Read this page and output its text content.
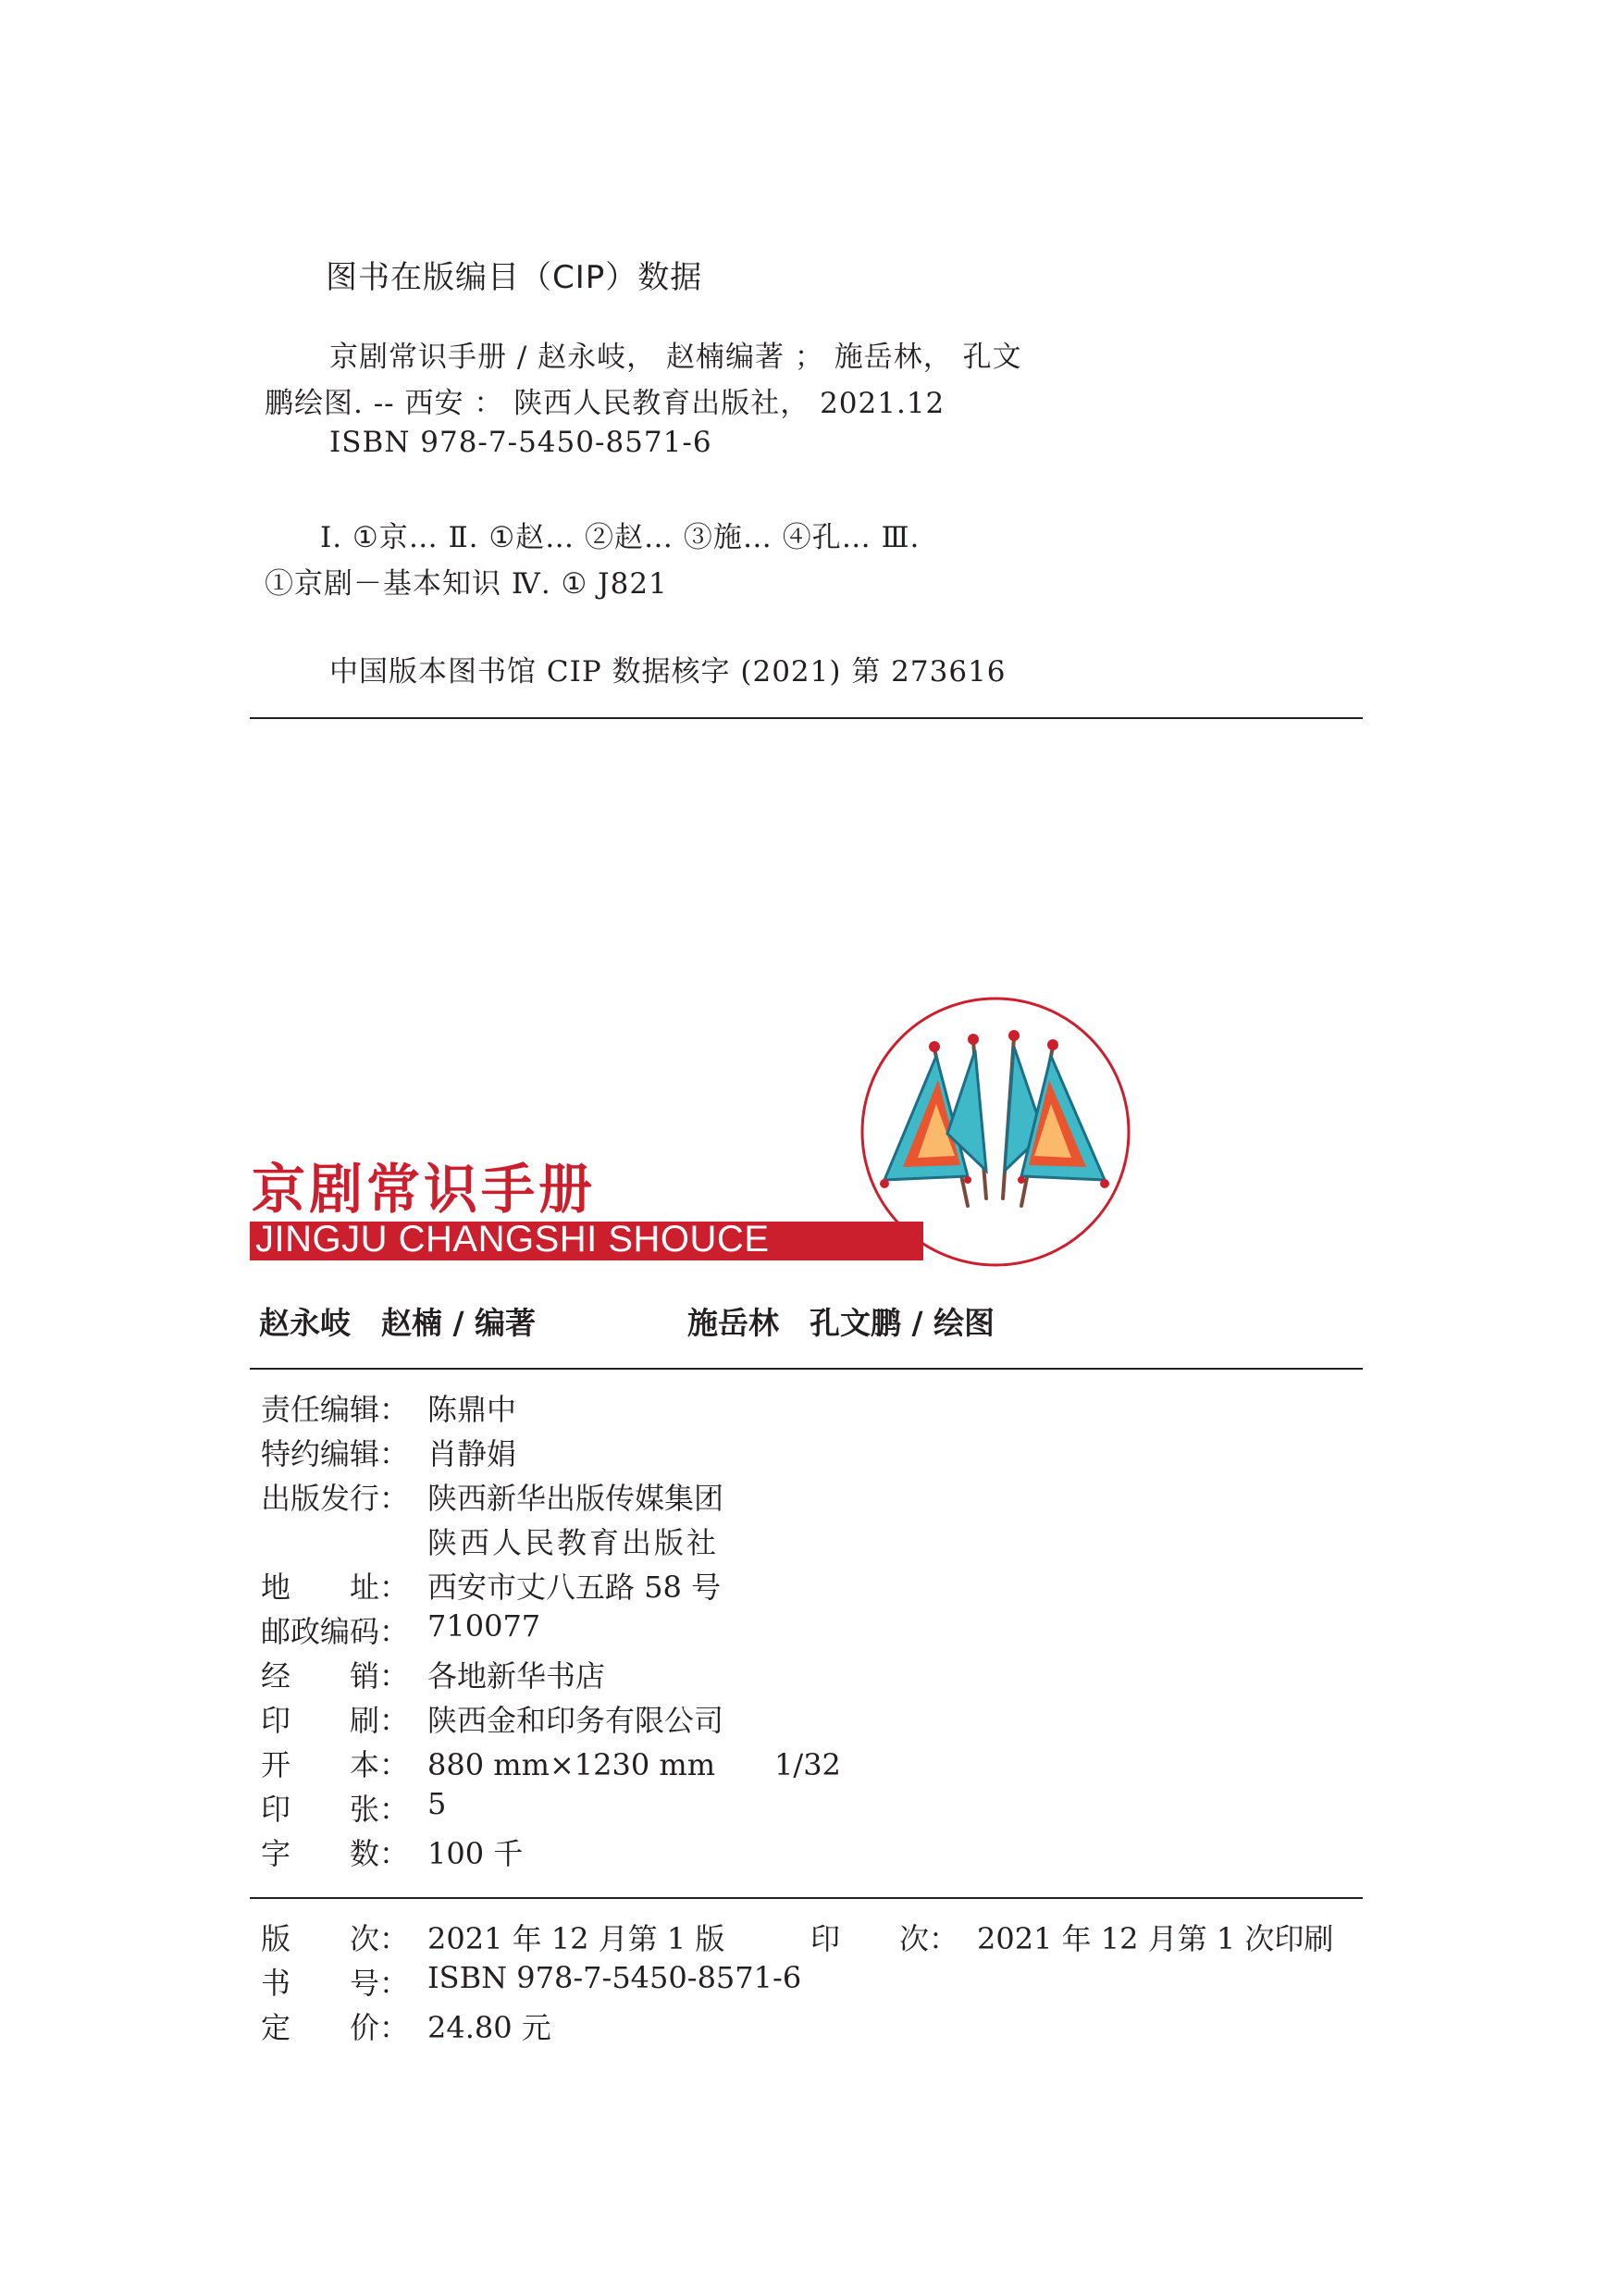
图书在版编目（CIP）数据
京剧常识手册 / 赵永岐， 赵楠编著 ； 施岳林， 孔文
鹏绘图. -- 西安 ： 陕西人民教育出版社， 2021.12
ISBN 978-7-5450-8571-6
Ⅰ. ①京… Ⅱ. ①赵… ②赵… ③施… ④孔… Ⅲ.
①京剧－基本知识 Ⅳ. ① J821
中国版本图书馆 CIP 数据核字 (2021) 第 273616
京剧常识手册
JINGJU CHANGSHI SHOUCE
赵永岐　赵楠 / 编著	施岳林　孔文鹏 / 绘图
责任编辑： 陈鼎中
特约编辑： 肖静娟
出版发行： 陕西新华出版传媒集团
陕西人民教育出版社
地　　址： 西安市丈八五路 58 号
邮政编码： 710077
经　　销： 各地新华书店
印　　刷： 陕西金和印务有限公司
开　　本： 880 mm×1230 mm　　1/32
印　　张： 5
字　　数： 100 千
版　　次： 2021 年 12 月第 1 版	印　　次： 2021 年 12 月第 1 次印刷
书　　号： ISBN 978-7-5450-8571-6
定　　价： 24.80 元
